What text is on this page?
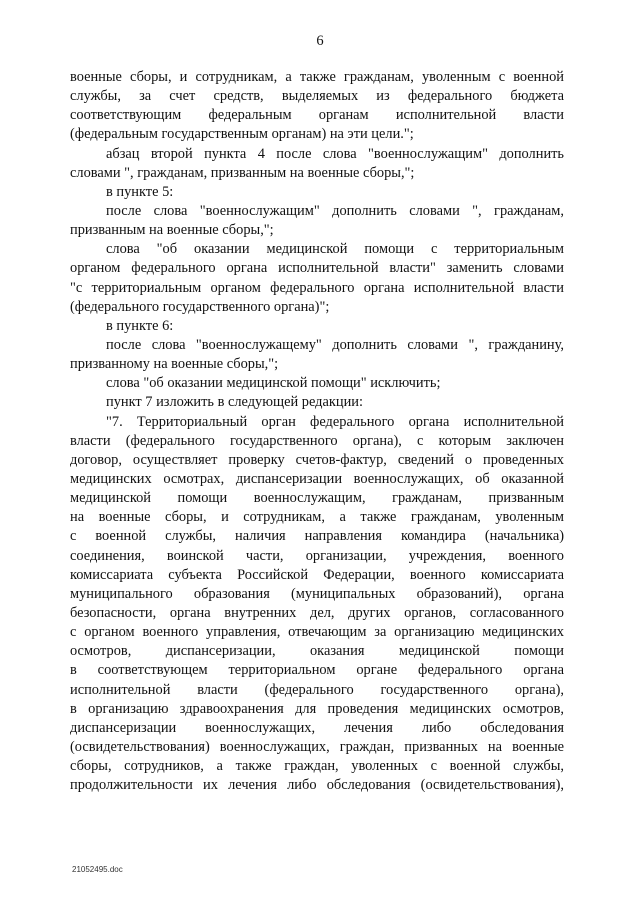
6
военные сборы, и сотрудникам, а также гражданам, уволенным с военной
службы, за счет средств, выделяемых из федерального бюджета
соответствующим федеральным органам исполнительной власти
(федеральным государственным органам) на эти цели.";
абзац второй пункта 4 после слова "военнослужащим" дополнить
словами ", гражданам, призванным на военные сборы,";
в пункте 5:
после слова "военнослужащим" дополнить словами ", гражданам,
призванным на военные сборы,";
слова "об оказании медицинской помощи с территориальным
органом федерального органа исполнительной власти" заменить словами
"с территориальным органом федерального органа исполнительной власти
(федерального государственного органа)";
в пункте 6:
после слова "военнослужащему" дополнить словами ", гражданину,
призванному на военные сборы,";
слова "об оказании медицинской помощи" исключить;
пункт 7 изложить в следующей редакции:
"7. Территориальный орган федерального органа исполнительной
власти (федерального государственного органа), с которым заключен
договор, осуществляет проверку счетов-фактур, сведений о проведенных
медицинских осмотрах, диспансеризации военнослужащих, об оказанной
медицинской помощи военнослужащим, гражданам, призванным
на военные сборы, и сотрудникам, а также гражданам, уволенным
с военной службы, наличия направления командира (начальника)
соединения, воинской части, организации, учреждения, военного
комиссариата субъекта Российской Федерации, военного комиссариата
муниципального образования (муниципальных образований), органа
безопасности, органа внутренних дел, других органов, согласованного
с органом военного управления, отвечающим за организацию медицинских
осмотров, диспансеризации, оказания медицинской помощи
в соответствующем территориальном органе федерального органа
исполнительной власти (федерального государственного органа),
в организацию здравоохранения для проведения медицинских осмотров,
диспансеризации военнослужащих, лечения либо обследования
(освидетельствования) военнослужащих, граждан, призванных на военные
сборы, сотрудников, а также граждан, уволенных с военной службы,
продолжительности их лечения либо обследования (освидетельствования),
21052495.doc
